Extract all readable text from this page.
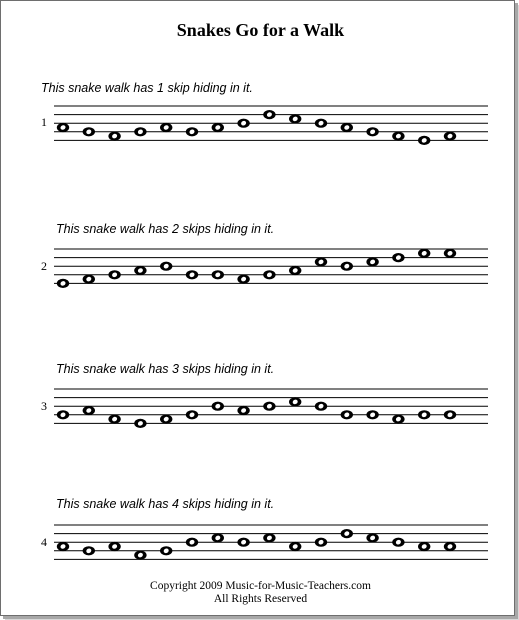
Snakes Go for a Walk
This snake walk has 1 skip hiding in it.
1
This snake walk has 2 skips hiding in it.
2
This snake walk has 3 skips hiding in it.
3
This snake walk has 4 skips hiding in it.
4
Copyright 2009 Music-for-Music-Teachers.com
All Rights Reserved
